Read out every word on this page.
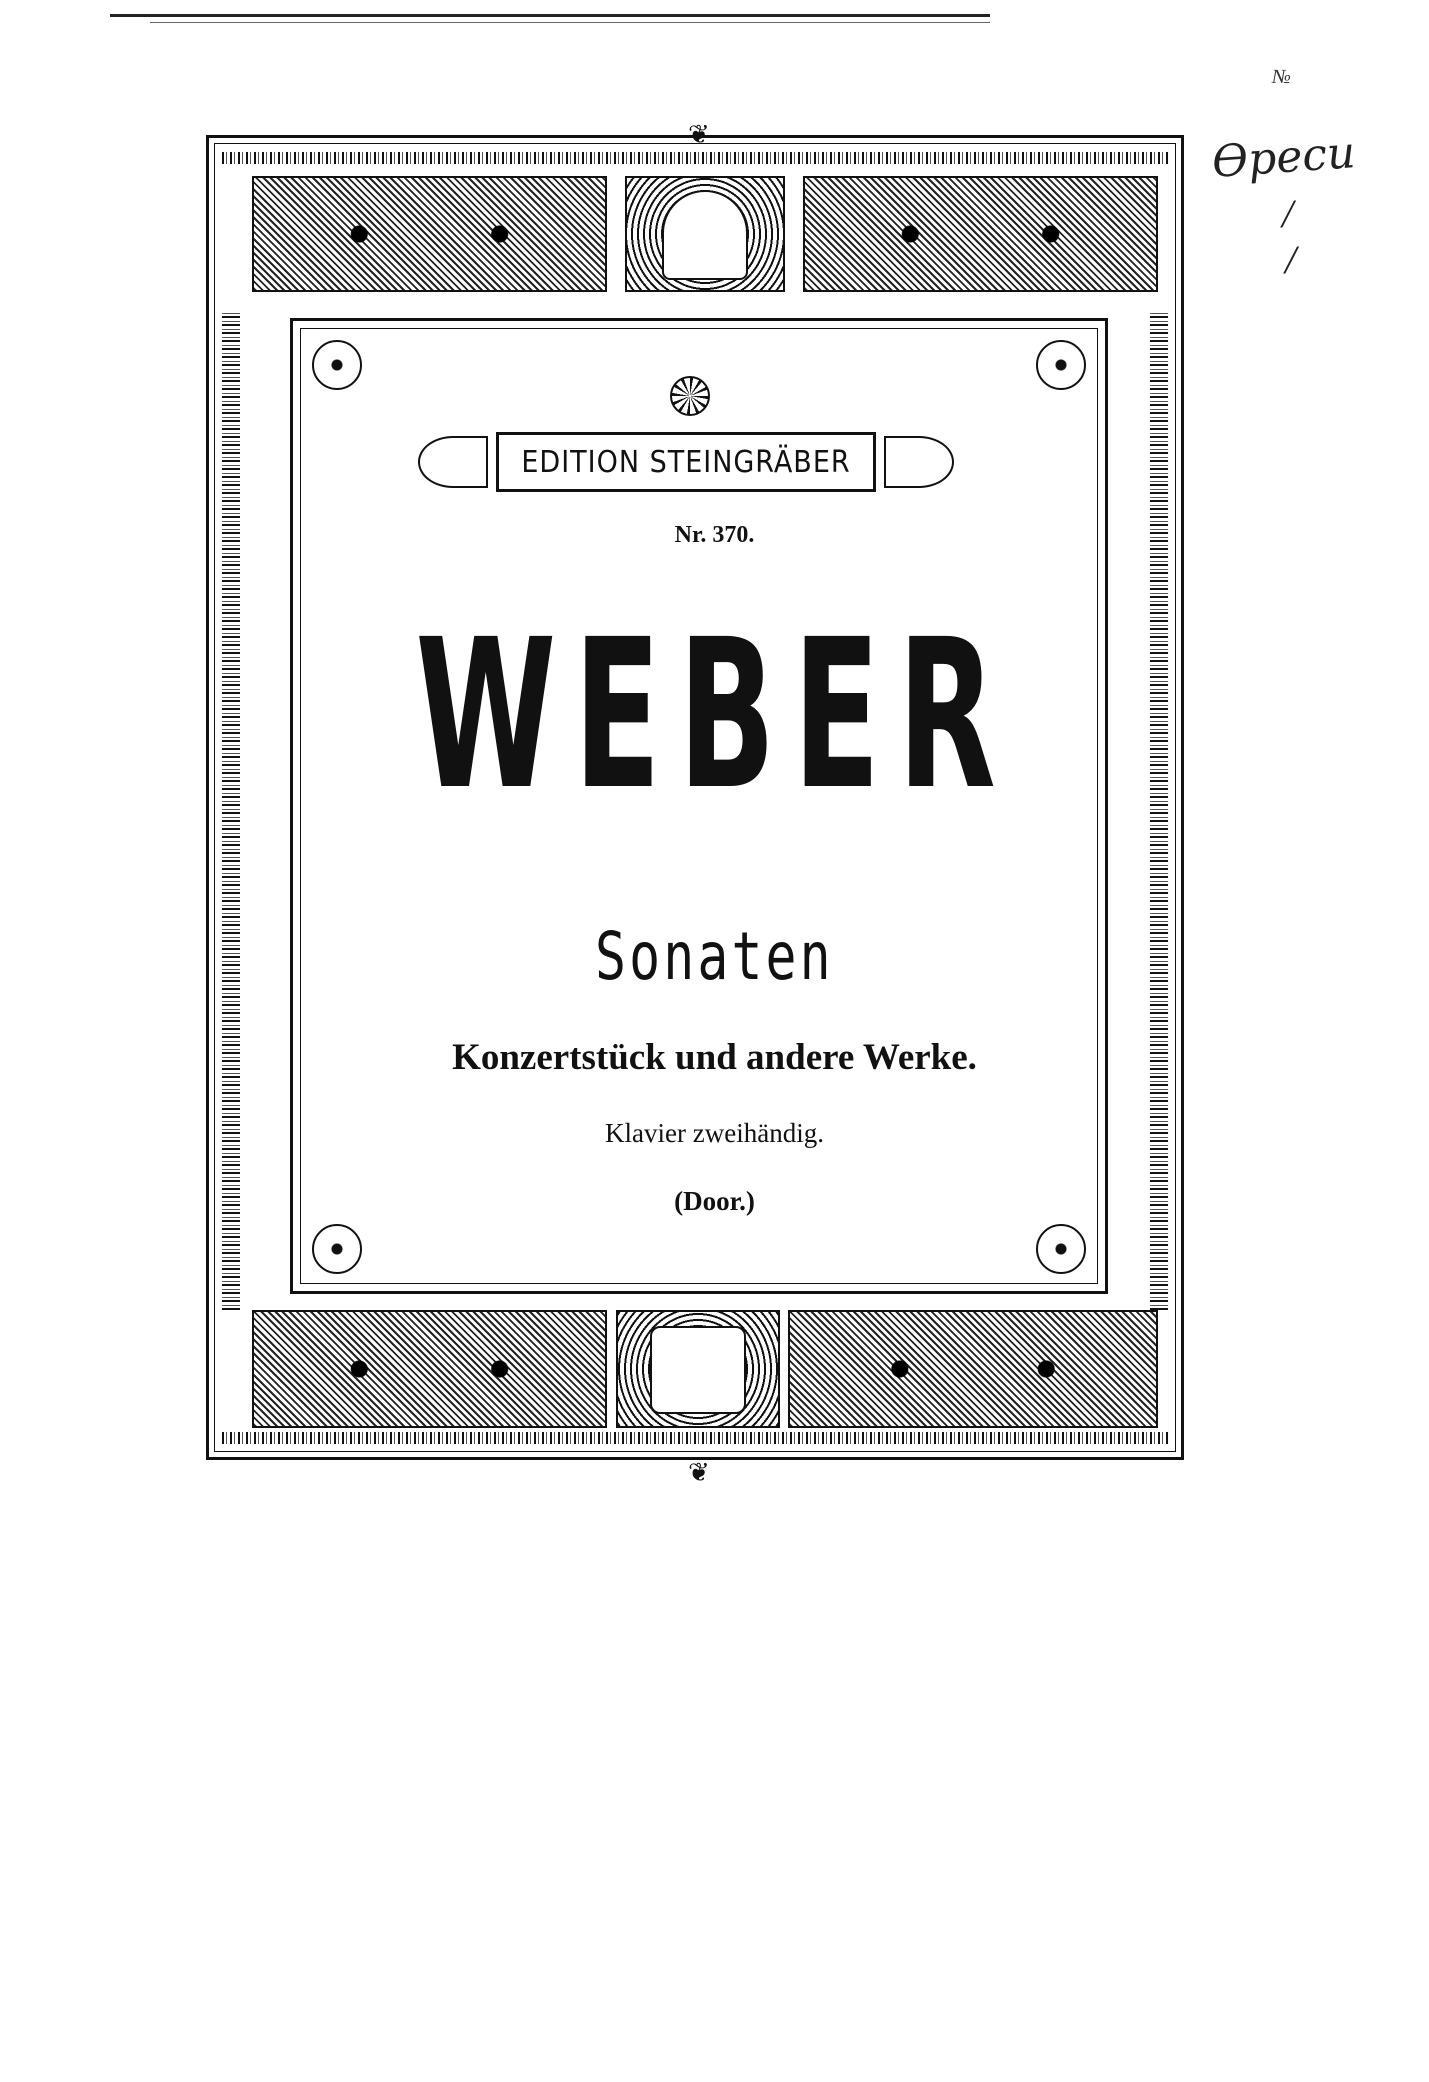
№
Ѳреси
/
/
❦
❦
EDITION STEINGRÄBER
Nr. 370.
WEBER
Sonaten
Konzertstück und andere Werke.
Klavier zweihändig.
(Door.)
